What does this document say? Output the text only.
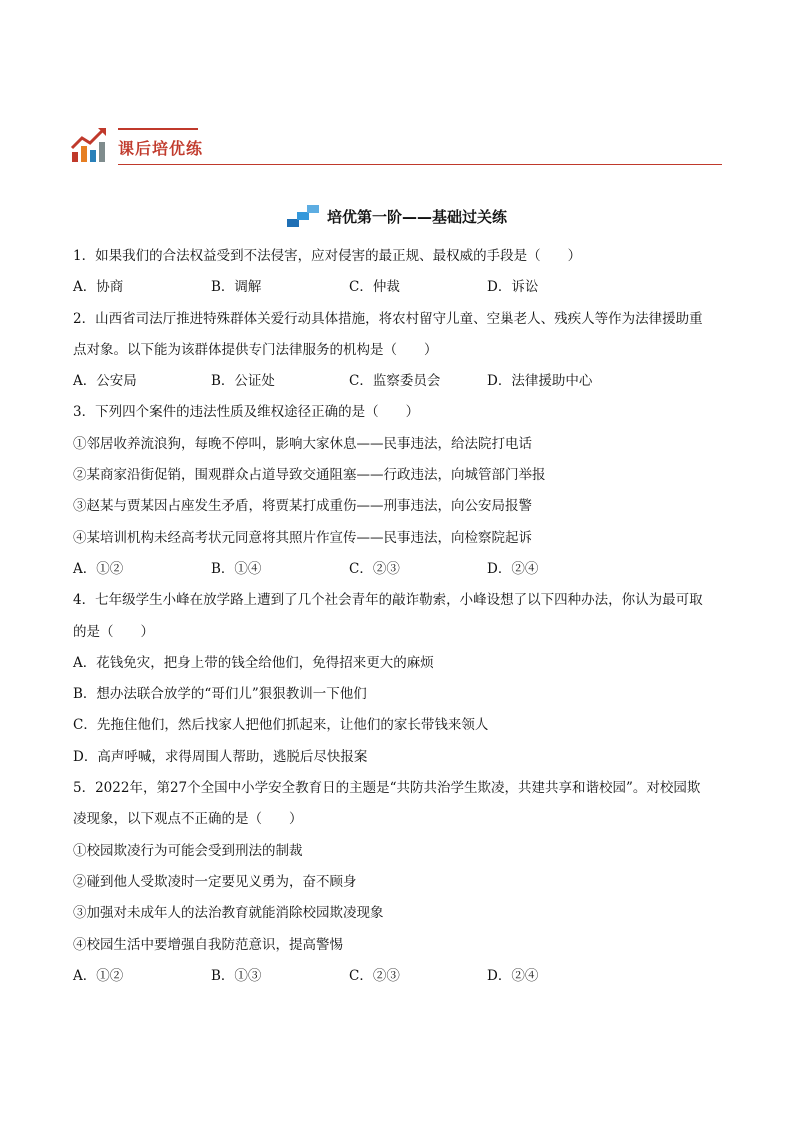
课后培优练
培优第一阶——基础过关练
1．如果我们的合法权益受到不法侵害，应对侵害的最正规、最权威的手段是（　　）
A．协商	B．调解	C．仲裁	D．诉讼
2．山西省司法厅推进特殊群体关爱行动具体措施，将农村留守儿童、空巢老人、残疾人等作为法律援助重
点对象。以下能为该群体提供专门法律服务的机构是（　　）
A．公安局	B．公证处	C．监察委员会	D．法律援助中心
3．下列四个案件的违法性质及维权途径正确的是（　　）
①邻居收养流浪狗，每晚不停叫，影响大家休息——民事违法，给法院打电话
②某商家沿街促销，围观群众占道导致交通阻塞——行政违法，向城管部门举报
③赵某与贾某因占座发生矛盾，将贾某打成重伤——刑事违法，向公安局报警
④某培训机构未经高考状元同意将其照片作宣传——民事违法，向检察院起诉
A．①②	B．①④	C．②③	D．②④
4．七年级学生小峰在放学路上遭到了几个社会青年的敲诈勒索，小峰设想了以下四种办法，你认为最可取
的是（　　）
A．花钱免灾，把身上带的钱全给他们，免得招来更大的麻烦
B．想办法联合放学的“哥们儿”狠狠教训一下他们
C．先拖住他们，然后找家人把他们抓起来，让他们的家长带钱来领人
D．高声呼喊，求得周围人帮助，逃脱后尽快报案
5．2022年，第27个全国中小学安全教育日的主题是“共防共治学生欺凌，共建共享和谐校园”。对校园欺
凌现象，以下观点不正确的是（　　）
①校园欺凌行为可能会受到刑法的制裁
②碰到他人受欺凌时一定要见义勇为，奋不顾身
③加强对未成年人的法治教育就能消除校园欺凌现象
④校园生活中要增强自我防范意识，提高警惕
A．①②	B．①③	C．②③	D．②④
